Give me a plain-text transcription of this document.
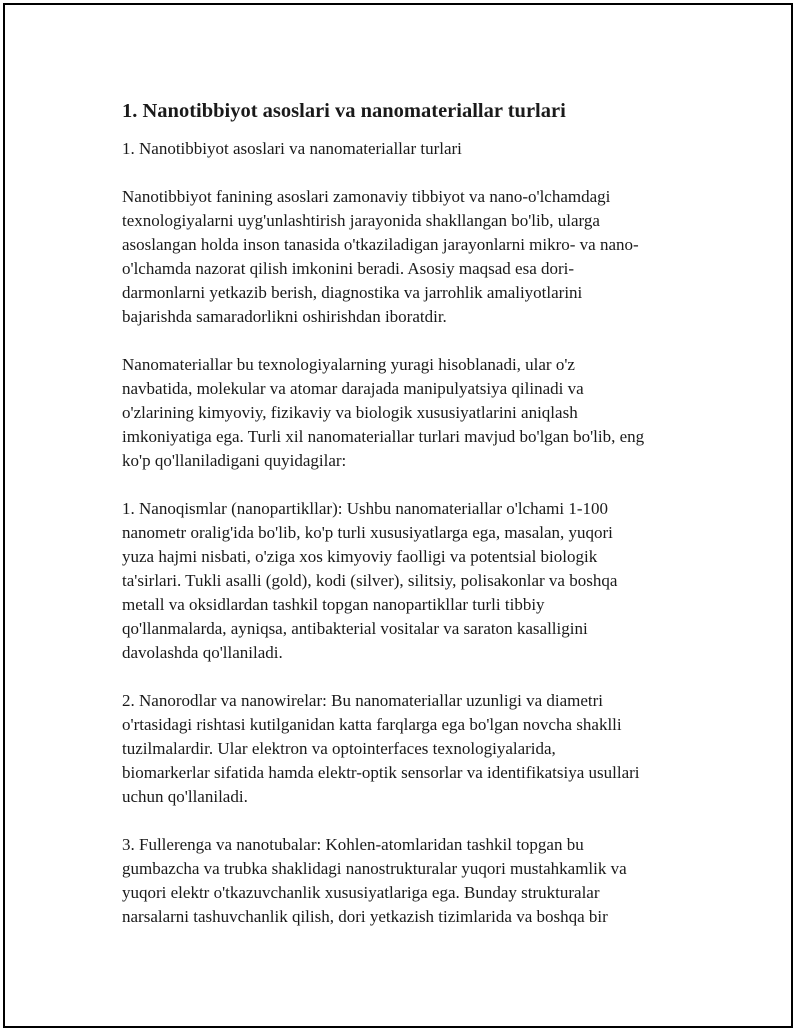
1. Nanotibbiyot asoslari va nanomateriallar turlari
1. Nanotibbiyot asoslari va nanomateriallar turlari
Nanotibbiyot fanining asoslari zamonaviy tibbiyot va nano-o'lchamdagi
texnologiyalarni uyg'unlashtirish jarayonida shakllangan bo'lib, ularga
asoslangan holda inson tanasida o'tkaziladigan jarayonlarni mikro- va nano-
o'lchamda nazorat qilish imkonini beradi. Asosiy maqsad esa dori-
darmonlarni yetkazib berish, diagnostika va jarrohlik amaliyotlarini
bajarishda samaradorlikni oshirishdan iboratdir.
Nanomateriallar bu texnologiyalarning yuragi hisoblanadi, ular o'z
navbatida, molekular va atomar darajada manipulyatsiya qilinadi va
o'zlarining kimyoviy, fizikaviy va biologik xususiyatlarini aniqlash
imkoniyatiga ega. Turli xil nanomateriallar turlari mavjud bo'lgan bo'lib, eng
ko'p qo'llaniladigani quyidagilar:
1. Nanoqismlar (nanopartikllar): Ushbu nanomateriallar o'lchami 1-100
nanometr oralig'ida bo'lib, ko'p turli xususiyatlarga ega, masalan, yuqori
yuza hajmi nisbati, o'ziga xos kimyoviy faolligi va potentsial biologik
ta'sirlari. Tukli asalli (gold), kodi (silver), silitsiy, polisakonlar va boshqa
metall va oksidlardan tashkil topgan nanopartikllar turli tibbiy
qo'llanmalarda, ayniqsa, antibakterial vositalar va saraton kasalligini
davolashda qo'llaniladi.
2. Nanorodlar va nanowirelar: Bu nanomateriallar uzunligi va diametri
o'rtasidagi rishtasi kutilganidan katta farqlarga ega bo'lgan novcha shaklli
tuzilmalardir. Ular elektron va optointerfaces texnologiyalarida,
biomarkerlar sifatida hamda elektr-optik sensorlar va identifikatsiya usullari
uchun qo'llaniladi.
3. Fullerenga va nanotubalar: Kohlen-atomlaridan tashkil topgan bu
gumbazcha va trubka shaklidagi nanostrukturalar yuqori mustahkamlik va
yuqori elektr o'tkazuvchanlik xususiyatlariga ega. Bunday strukturalar
narsalarni tashuvchanlik qilish, dori yetkazish tizimlarida va boshqa bir
